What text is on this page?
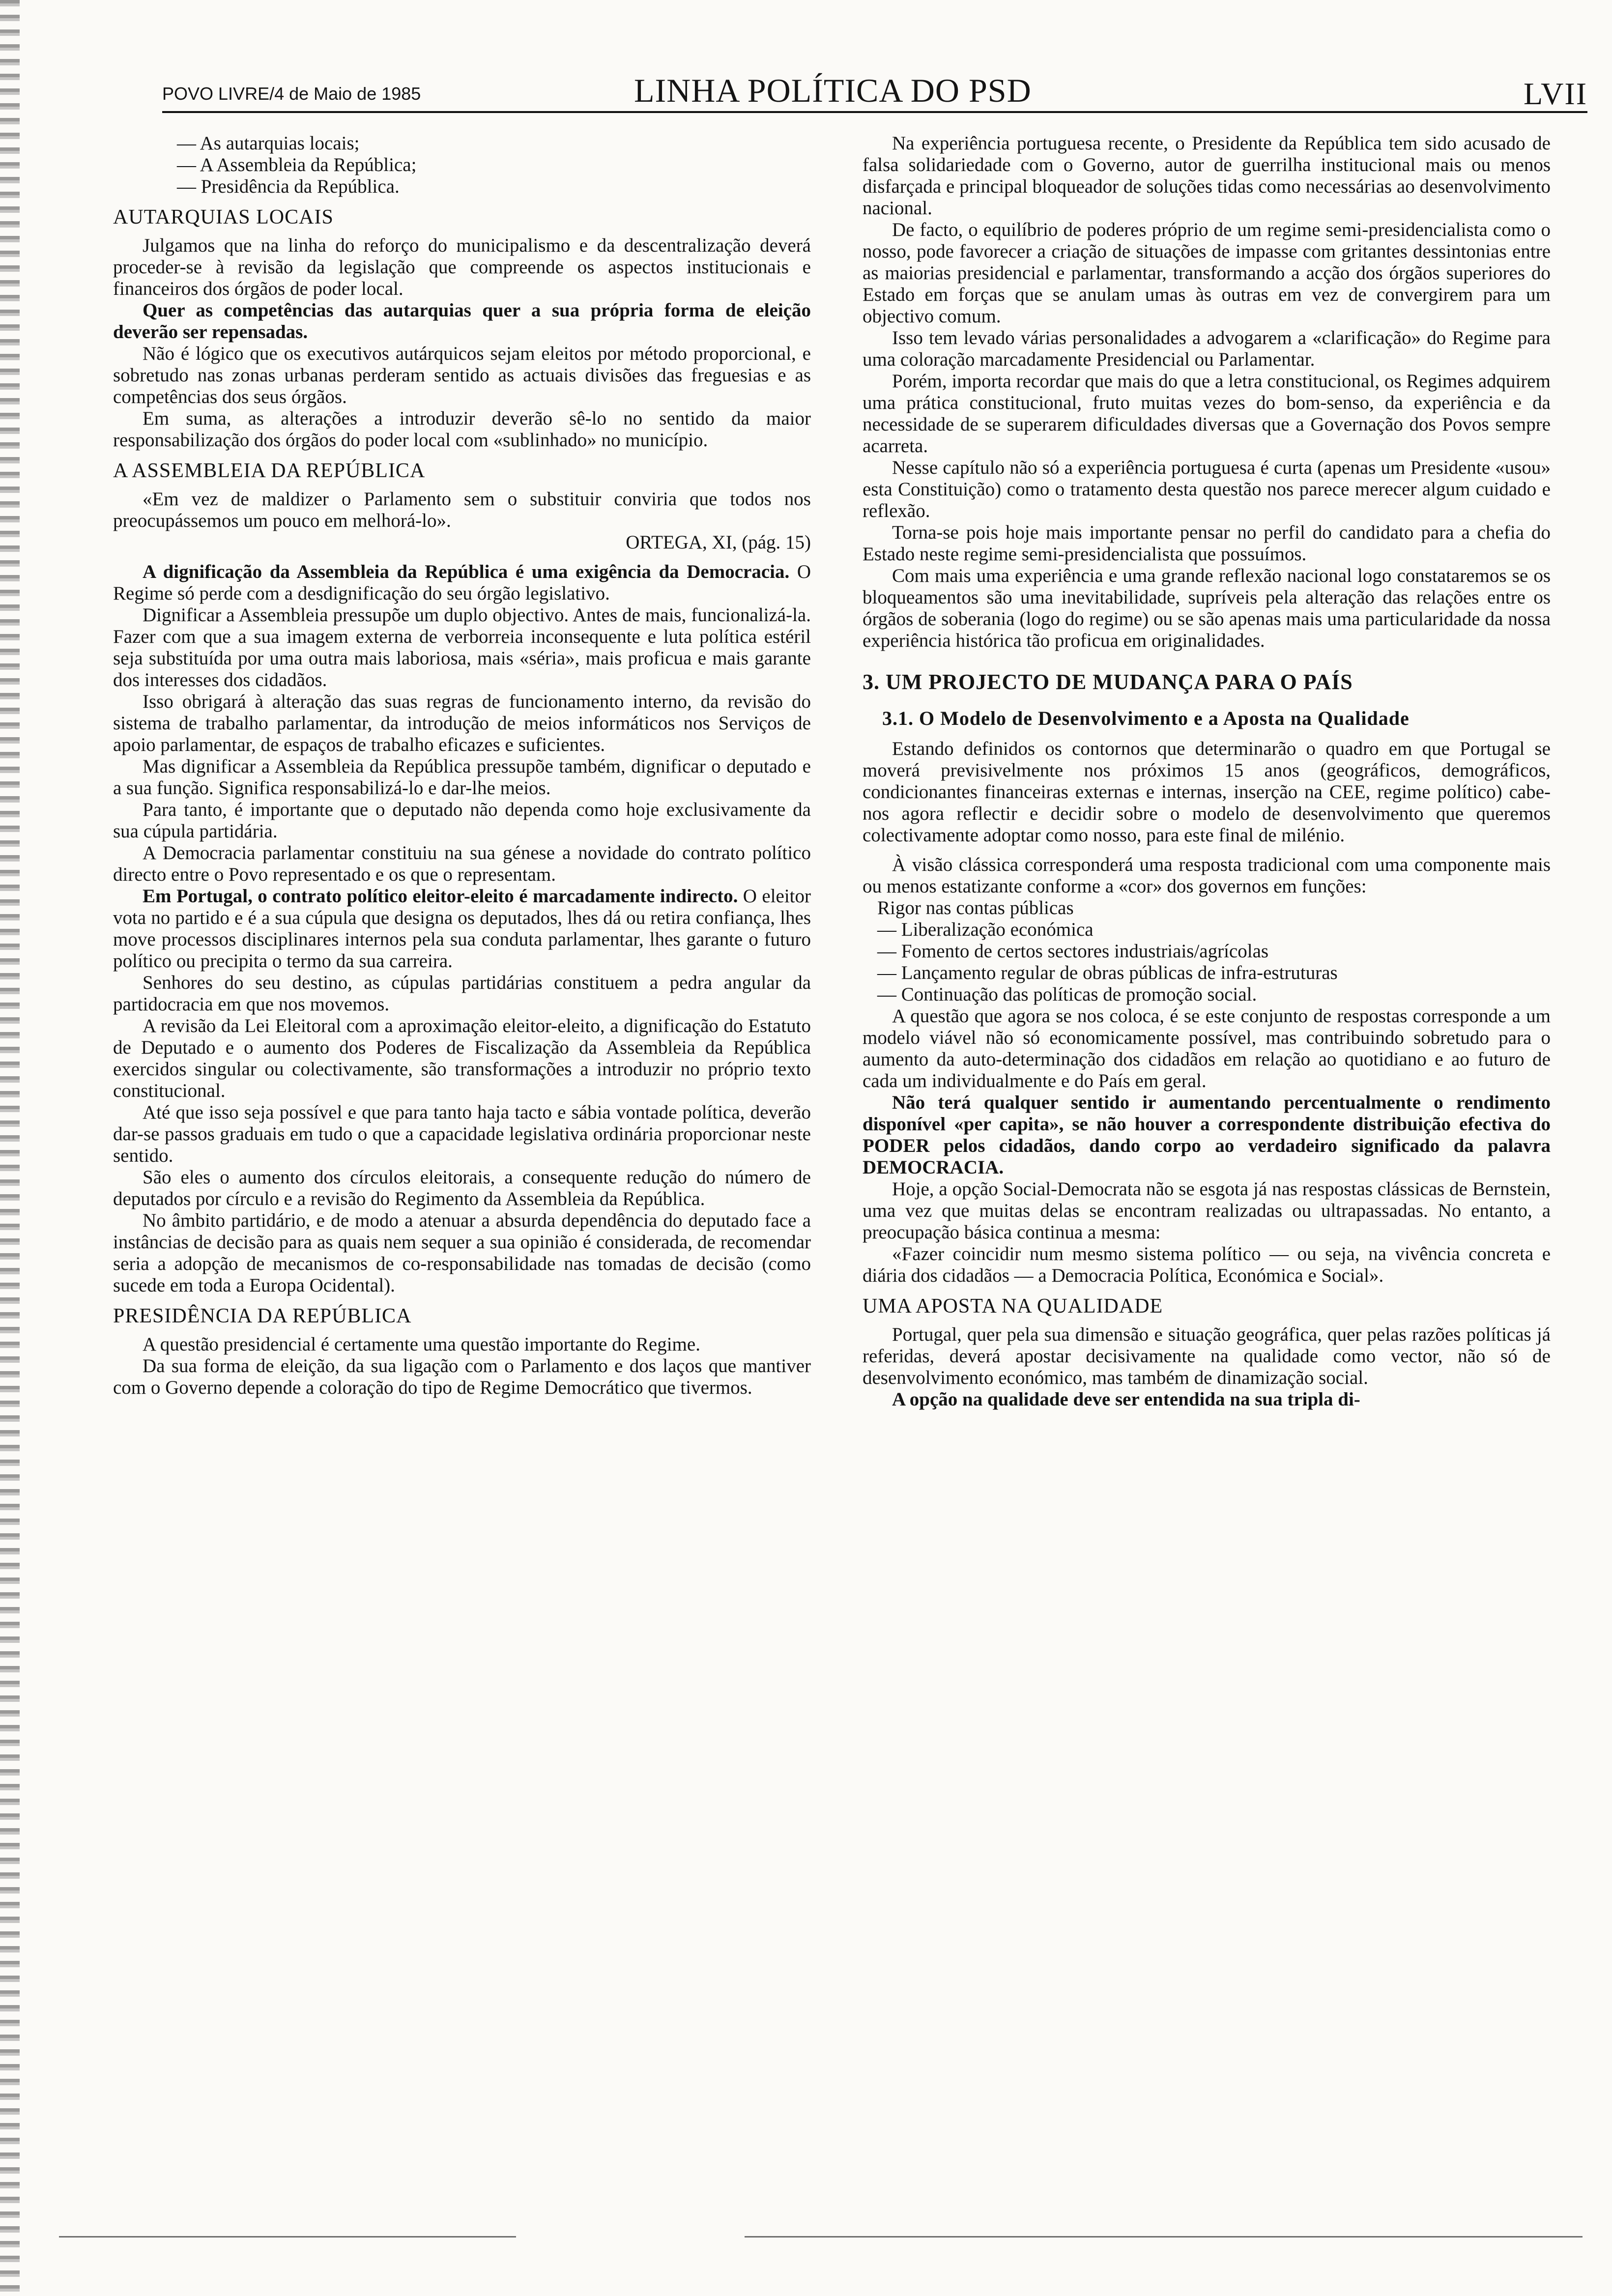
POVO LIVRE/4 de Maio de 1985	LINHA POLÍTICA DO PSD	LVII

— As autarquias locais;

— A Assembleia da República;

— Presidência da República.

AUTARQUIAS LOCAIS

Julgamos que na linha do reforço do municipalismo e da descentralização deverá proceder-se à revisão da legislação que compreende os aspectos institucionais e financeiros dos órgãos de poder local.

Quer as competências das autarquias quer a sua própria forma de eleição deverão ser repensadas.

Não é lógico que os executivos autárquicos sejam eleitos por método proporcional, e sobretudo nas zonas urbanas perderam sentido as actuais divisões das freguesias e as competências dos seus órgãos.

Em suma, as alterações a introduzir deverão sê-lo no sentido da maior responsabilização dos órgãos do poder local com «sublinhado» no município.

A ASSEMBLEIA DA REPÚBLICA

«Em vez de maldizer o Parlamento sem o substituir conviria que todos nos preocupássemos um pouco em melhorá-lo».

ORTEGA, XI, (pág. 15)

A dignificação da Assembleia da República é uma exigência da Democracia. O Regime só perde com a desdignificação do seu órgão legislativo.

Dignificar a Assembleia pressupõe um duplo objectivo. Antes de mais, funcionalizá-la. Fazer com que a sua imagem externa de verborreia inconsequente e luta política estéril seja substituída por uma outra mais laboriosa, mais «séria», mais proficua e mais garante dos interesses dos cidadãos.

Isso obrigará à alteração das suas regras de funcionamento interno, da revisão do sistema de trabalho parlamentar, da introdução de meios informáticos nos Serviços de apoio parlamentar, de espaços de trabalho eficazes e suficientes.

Mas dignificar a Assembleia da República pressupõe também, dignificar o deputado e a sua função. Significa responsabilizá-lo e dar-lhe meios.

Para tanto, é importante que o deputado não dependa como hoje exclusivamente da sua cúpula partidária.

A Democracia parlamentar constituiu na sua génese a novidade do contrato político directo entre o Povo representado e os que o representam.

Em Portugal, o contrato político eleitor-eleito é marcadamente indirecto. O eleitor vota no partido e é a sua cúpula que designa os deputados, lhes dá ou retira confiança, lhes move processos disciplinares internos pela sua conduta parlamentar, lhes garante o futuro político ou precipita o termo da sua carreira.

Senhores do seu destino, as cúpulas partidárias constituem a pedra angular da partidocracia em que nos movemos.

A revisão da Lei Eleitoral com a aproximação eleitor-eleito, a dignificação do Estatuto de Deputado e o aumento dos Poderes de Fiscalização da Assembleia da República exercidos singular ou colectivamente, são transformações a introduzir no próprio texto constitucional.

Até que isso seja possível e que para tanto haja tacto e sábia vontade política, deverão dar-se passos graduais em tudo o que a capacidade legislativa ordinária proporcionar neste sentido.

São eles o aumento dos círculos eleitorais, a consequente redução do número de deputados por círculo e a revisão do Regimento da Assembleia da República.

No âmbito partidário, e de modo a atenuar a absurda dependência do deputado face a instâncias de decisão para as quais nem sequer a sua opinião é considerada, de recomendar seria a adopção de mecanismos de co-responsabilidade nas tomadas de decisão (como sucede em toda a Europa Ocidental).

PRESIDÊNCIA DA REPÚBLICA

A questão presidencial é certamente uma questão importante do Regime.

Da sua forma de eleição, da sua ligação com o Parlamento e dos laços que mantiver com o Governo depende a coloração do tipo de Regime Democrático que tivermos.

Na experiência portuguesa recente, o Presidente da República tem sido acusado de falsa solidariedade com o Governo, autor de guerrilha institucional mais ou menos disfarçada e principal bloqueador de soluções tidas como necessárias ao desenvolvimento nacional.

De facto, o equilíbrio de poderes próprio de um regime semi-presidencialista como o nosso, pode favorecer a criação de situações de impasse com gritantes dessintonias entre as maiorias presidencial e parlamentar, transformando a acção dos órgãos superiores do Estado em forças que se anulam umas às outras em vez de convergirem para um objectivo comum.

Isso tem levado várias personalidades a advogarem a «clarificação» do Regime para uma coloração marcadamente Presidencial ou Parlamentar.

Porém, importa recordar que mais do que a letra constitucional, os Regimes adquirem uma prática constitucional, fruto muitas vezes do bom-senso, da experiência e da necessidade de se superarem dificuldades diversas que a Governação dos Povos sempre acarreta.

Nesse capítulo não só a experiência portuguesa é curta (apenas um Presidente «usou» esta Constituição) como o tratamento desta questão nos parece merecer algum cuidado e reflexão.

Torna-se pois hoje mais importante pensar no perfil do candidato para a chefia do Estado neste regime semi-presidencialista que possuímos.

Com mais uma experiência e uma grande reflexão nacional logo constataremos se os bloqueamentos são uma inevitabilidade, supríveis pela alteração das relações entre os órgãos de soberania (logo do regime) ou se são apenas mais uma particularidade da nossa experiência histórica tão proficua em originalidades.

3. UM PROJECTO DE MUDANÇA PARA O PAÍS
3.1. O Modelo de Desenvolvimento e a Aposta na Qualidade

Estando definidos os contornos que determinarão o quadro em que Portugal se moverá previsivelmente nos próximos 15 anos (geográficos, demográficos, condicionantes financeiras externas e internas, inserção na CEE, regime político) cabe-nos agora reflectir e decidir sobre o modelo de desenvolvimento que queremos colectivamente adoptar como nosso, para este final de milénio.

À visão clássica corresponderá uma resposta tradicional com uma componente mais ou menos estatizante conforme a «cor» dos governos em funções:

Rigor nas contas públicas

— Liberalização económica

— Fomento de certos sectores industriais/agrícolas

— Lançamento regular de obras públicas de infra-estruturas

— Continuação das políticas de promoção social.

A questão que agora se nos coloca, é se este conjunto de respostas corresponde a um modelo viável não só economicamente possível, mas contribuindo sobretudo para o aumento da auto-determinação dos cidadãos em relação ao quotidiano e ao futuro de cada um individualmente e do País em geral.

Não terá qualquer sentido ir aumentando percentualmente o rendimento disponível «per capita», se não houver a correspondente distribuição efectiva do PODER pelos cidadãos, dando corpo ao verdadeiro significado da palavra DEMOCRACIA.

Hoje, a opção Social-Democrata não se esgota já nas respostas clássicas de Bernstein, uma vez que muitas delas se encontram realizadas ou ultrapassadas. No entanto, a preocupação básica continua a mesma:

«Fazer coincidir num mesmo sistema político — ou seja, na vivência concreta e diária dos cidadãos — a Democracia Política, Económica e Social».

UMA APOSTA NA QUALIDADE

Portugal, quer pela sua dimensão e situação geográfica, quer pelas razões políticas já referidas, deverá apostar decisivamente na qualidade como vector, não só de desenvolvimento económico, mas também de dinamização social.

A opção na qualidade deve ser entendida na sua tripla di-
